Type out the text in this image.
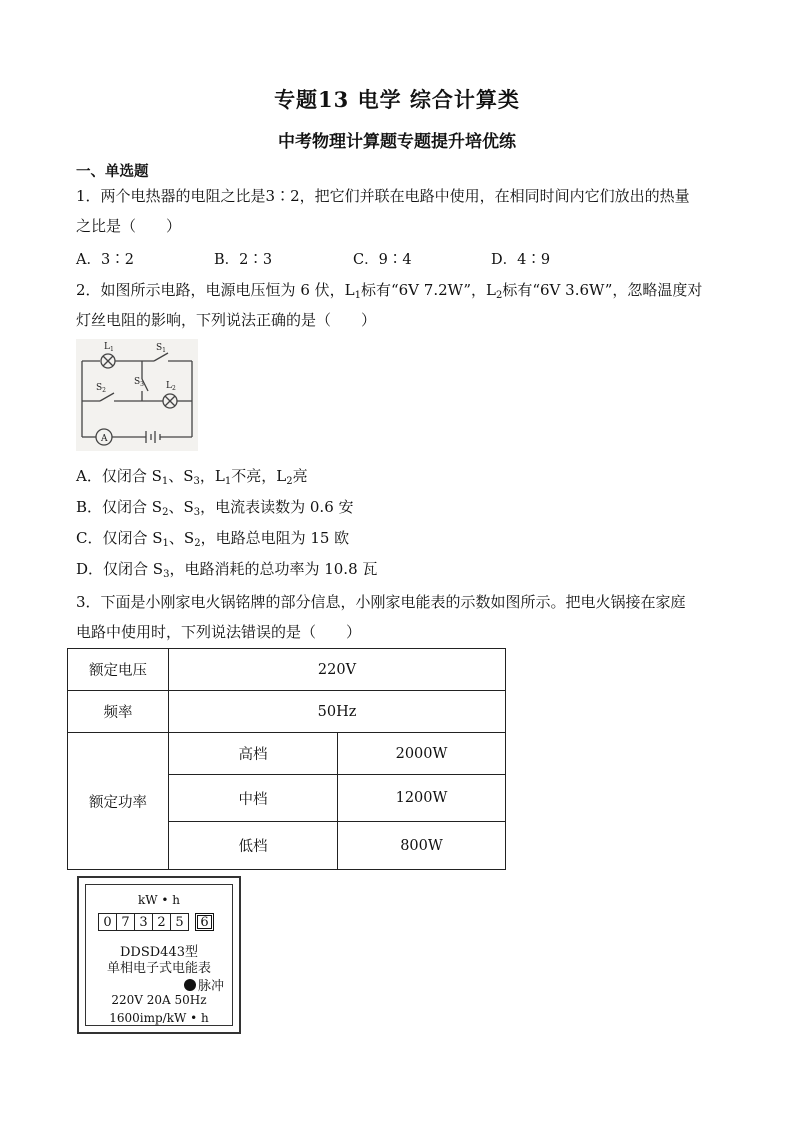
专题13 电学 综合计算类
中考物理计算题专题提升培优练
一、单选题
1．两个电热器的电阻之比是3∶2，把它们并联在电路中使用，在相同时间内它们放出的热量
之比是（　　）
A．3∶2	B．2∶3	C．9∶4	D．4∶9
2．如图所示电路，电源电压恒为 6 伏，$L_1$标有“6V 7.2W”，$L_2$标有“6V 3.6W”，忽略温度对
灯丝电阻的影响，下列说法正确的是（　　）
$L_1$	$S_1$
$S_2$
$S_3$ $L_2$
A
A．仅闭合 $S_1$、$S_3$，$L_1$不亮，$L_2$亮
B．仅闭合 $S_2$、$S_3$，电流表读数为 0.6 安
C．仅闭合 $S_1$、$S_2$，电路总电阻为 15 欧
D．仅闭合 $S_3$，电路消耗的总功率为 10.8 瓦
3．下面是小刚家电火锅铭牌的部分信息，小刚家电能表的示数如图所示。把电火锅接在家庭
电路中使用时，下列说法错误的是（　　）
额定电压	220V	
频率	50Hz	
额定功率	高档	2000W
	中档	1200W
	低档	800W
kW • h
0 7 3 2 5	6
DDSD443型
单相电子式电能表
脉冲
220V 20A 50Hz
1600imp/kW • h
